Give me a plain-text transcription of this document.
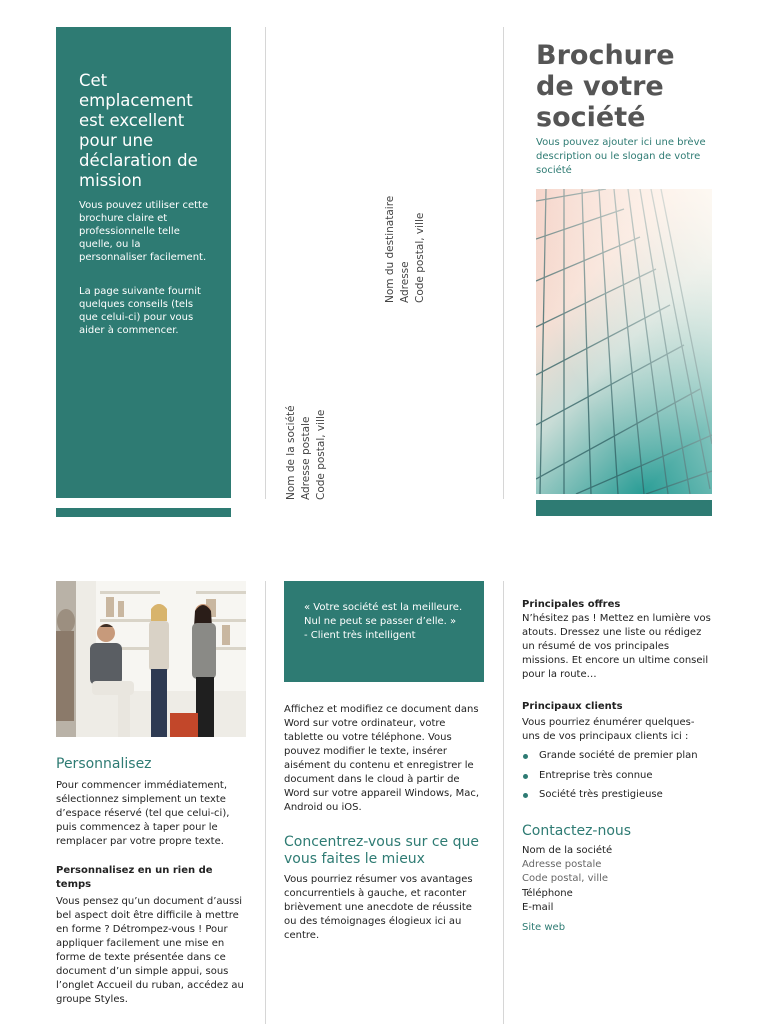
Cet emplacement est excellent pour une déclaration de mission
Vous pouvez utiliser cette brochure claire et professionnelle telle quelle, ou la personnaliser facilement.
La page suivante fournit quelques conseils (tels que celui-ci) pour vous aider à commencer.
Nom de la société Adresse postale Code postal, ville
Nom du destinataire Adresse Code postal, ville
Brochure
de votre
société
Vous pouvez ajouter ici une brève description ou le slogan de votre société
Personnalisez
Pour commencer immédiatement, sélectionnez simplement un texte d’espace réservé (tel que celui-ci), puis commencez à taper pour le remplacer par votre propre texte.
Personnalisez en un rien de temps
Vous pensez qu’un document d’aussi bel aspect doit être difficile à mettre en forme ? Détrompez-vous ! Pour appliquer facilement une mise en forme de texte présentée dans ce document d’un simple appui, sous l’onglet Accueil du ruban, accédez au groupe Styles.
« Votre société est la meilleure. Nul ne peut se passer d’elle. »
- Client très intelligent
Affichez et modifiez ce document dans Word sur votre ordinateur, votre tablette ou votre téléphone. Vous pouvez modifier le texte, insérer aisément du contenu et enregistrer le document dans le cloud à partir de Word sur votre appareil Windows, Mac, Android ou iOS.
Concentrez-vous sur ce que vous faites le mieux
Vous pourriez résumer vos avantages concurrentiels à gauche, et raconter brièvement une anecdote de réussite ou des témoignages élogieux ici au centre.
Principales offres
N’hésitez pas ! Mettez en lumière vos atouts. Dressez une liste ou rédigez un résumé de vos principales missions. Et encore un ultime conseil pour la route…
Principaux clients
Vous pourriez énumérer quelques-uns de vos principaux clients ici :
Grande société de premier plan
Entreprise très connue
Société très prestigieuse
Contactez-nous
Nom de la société
Adresse postale
Code postal, ville
Téléphone
E-mail
Site web
